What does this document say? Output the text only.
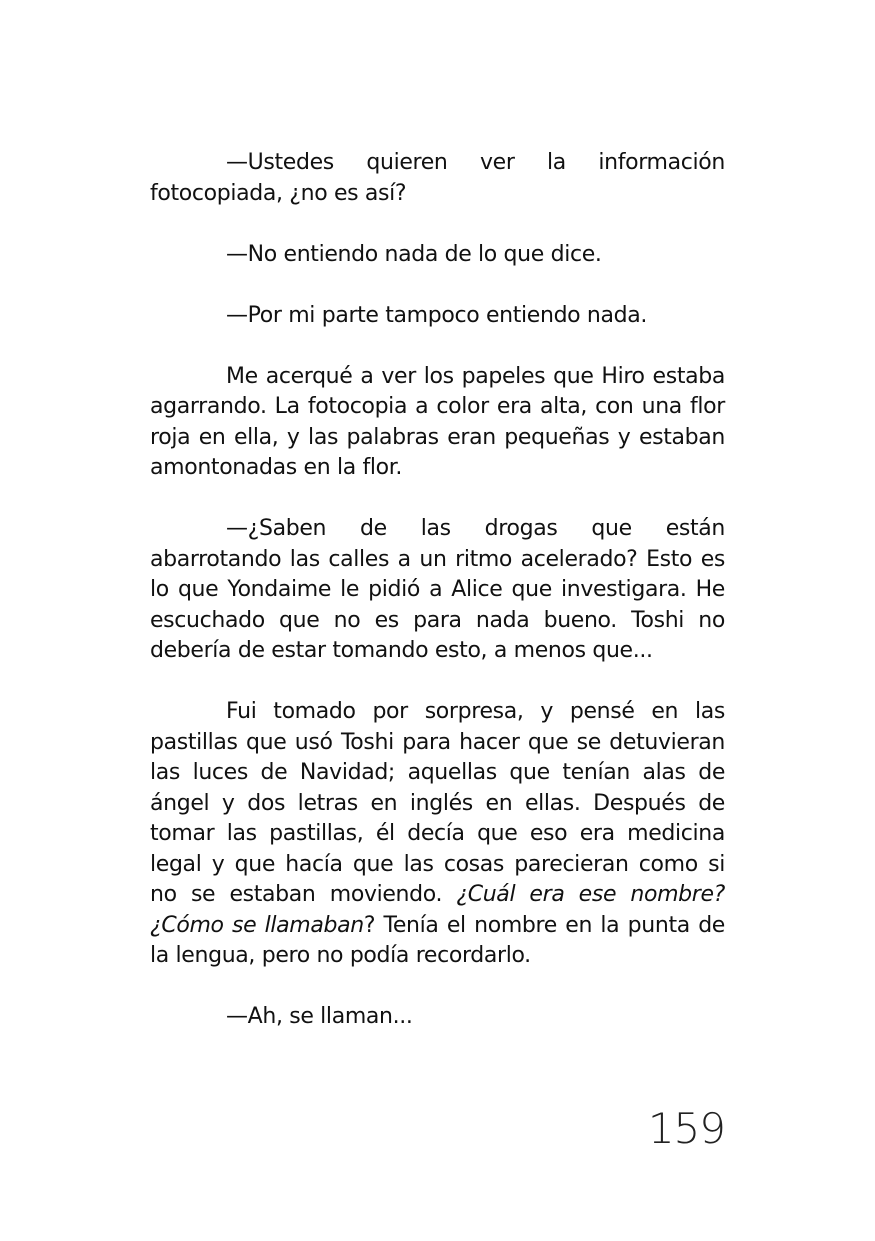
—Ustedes quieren ver la información fotocopiada, ¿no es así?

—No entiendo nada de lo que dice.

—Por mi parte tampoco entiendo nada.

Me acerqué a ver los papeles que Hiro estaba agarrando. La fotocopia a color era alta, con una flor roja en ella, y las palabras eran pequeñas y estaban amontonadas en la flor.

—¿Saben de las drogas que están abarrotando las calles a un ritmo acelerado? Esto es lo que Yondaime le pidió a Alice que investigara. He escuchado que no es para nada bueno. Toshi no debería de estar tomando esto, a menos que...

Fui tomado por sorpresa, y pensé en las pastillas que usó Toshi para hacer que se detuvieran las luces de Navidad; aquellas que tenían alas de ángel y dos letras en inglés en ellas. Después de tomar las pastillas, él decía que eso era medicina legal y que hacía que las cosas parecieran como si no se estaban moviendo. ¿Cuál era ese nombre? ¿Cómo se llamaban? Tenía el nombre en la punta de la lengua, pero no podía recordarlo.

—Ah, se llaman...

159
